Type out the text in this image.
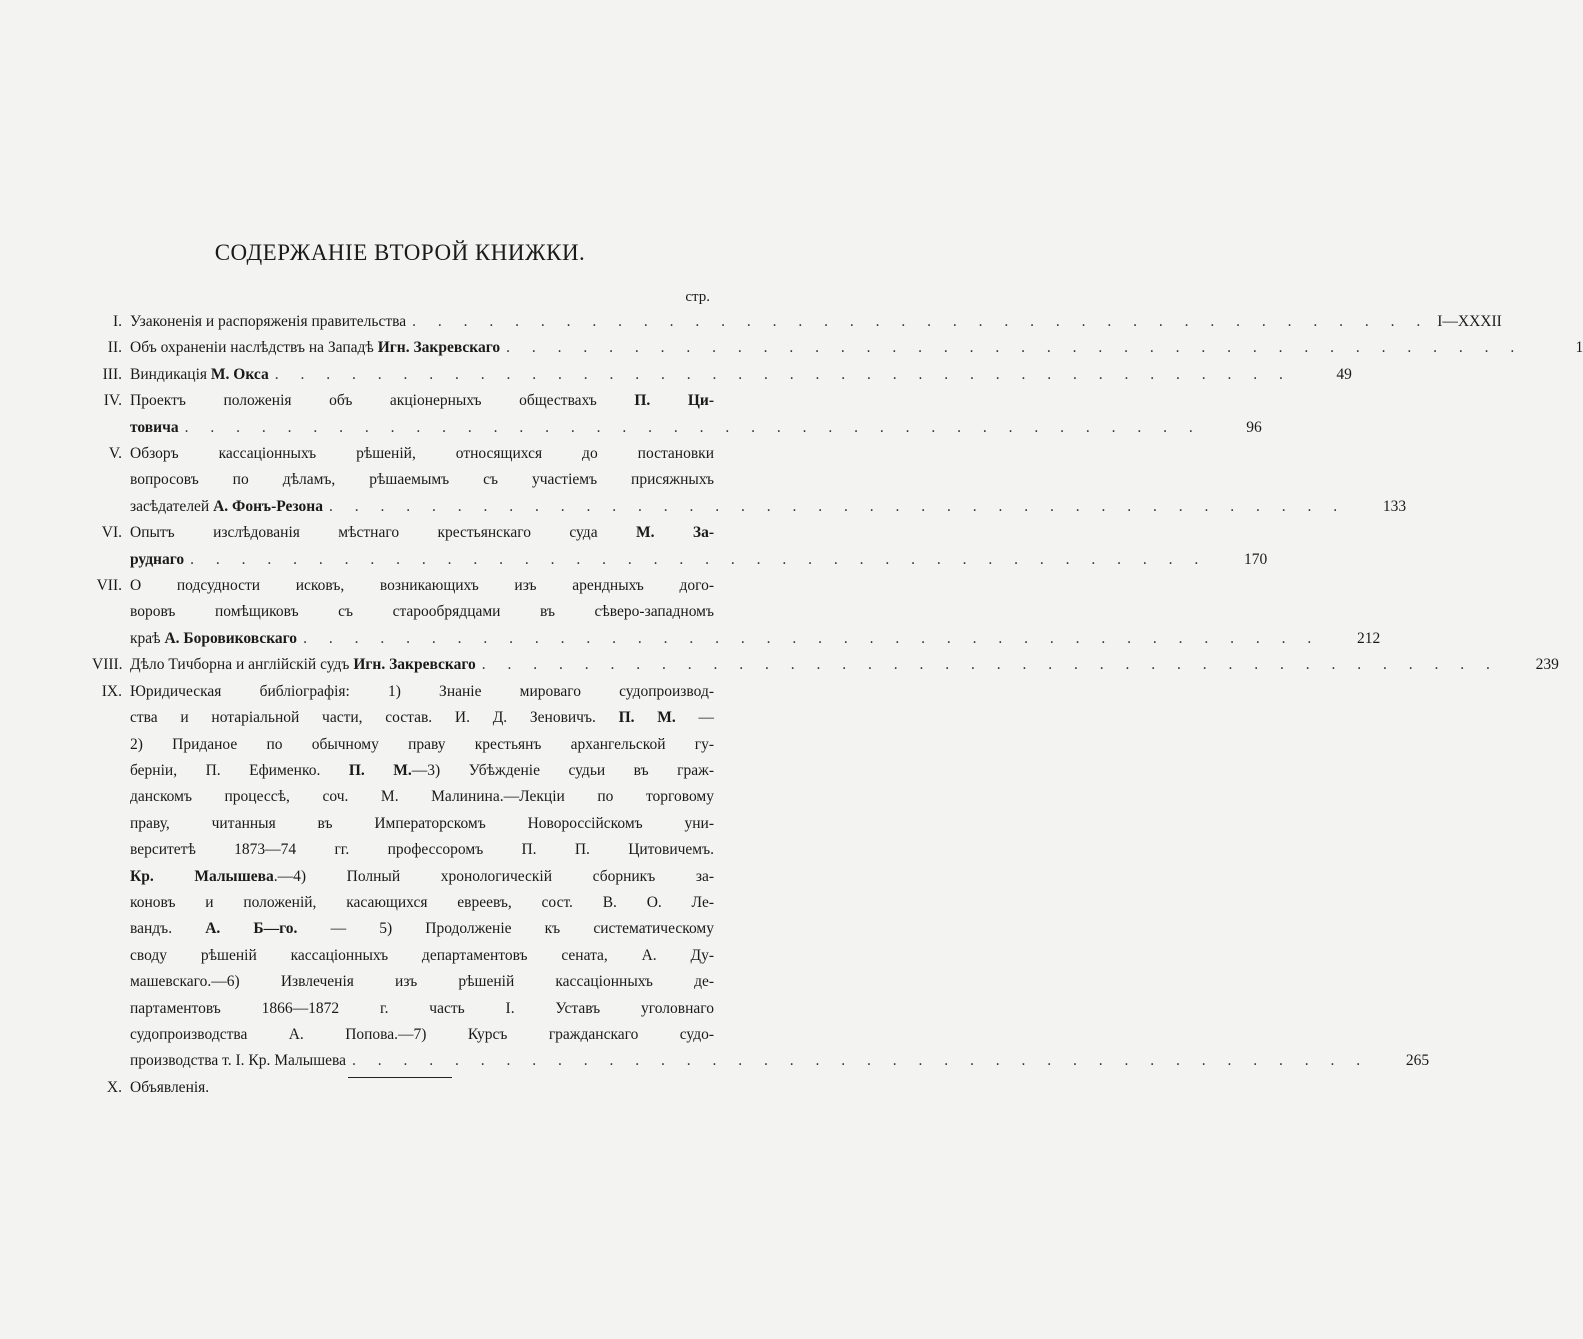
СОДЕРЖАНІЕ ВТОРОЙ КНИЖКИ.
стр.
I. Узаконенія и распоряженія правительства . . . . . . . . . . . . . . . . . . . . . . . . . . . . . . . . . . . . . . . . I—XXXII
II. Объ охраненіи наслѣдствъ на Западѣ Игн. Закревскаго . . . . . . . . . . . . . . . . . . . . . . . . . . . . . . . . . . . . . . . .	1
III. Виндикація М. Окса . . . . . . . . . . . . . . . . . . . . . . . . . . . . . . . . . . . . . . . .	49
IV. Проектъ положенія объ акціонерныхъ обществахъ П. Ци-
товича . . . . . . . . . . . . . . . . . . . . . . . . . . . . . . . . . . . . . . . .	96
V. Обзоръ кассаціонныхъ рѣшеній, относящихся до постановки
вопросовъ по дѣламъ, рѣшаемымъ съ участіемъ присяжныхъ
засѣдателей А. Фонъ-Резона . . . . . . . . . . . . . . . . . . . . . . . . . . . . . . . . . . . . . . . .	133
VI. Опытъ изслѣдованія мѣстнаго крестьянскаго суда М. За-
руднаго . . . . . . . . . . . . . . . . . . . . . . . . . . . . . . . . . . . . . . . .	170
VII. О подсудности исковъ, возникающихъ изъ арендныхъ дого-
воровъ помѣщиковъ съ старообрядцами въ сѣверо-западномъ
краѣ А. Боровиковскаго . . . . . . . . . . . . . . . . . . . . . . . . . . . . . . . . . . . . . . . .	212
VIII. Дѣло Тичборна и англійскій судъ Игн. Закревскаго . . . . . . . . . . . . . . . . . . . . . . . . . . . . . . . . . . . . . . . .	239
IX. Юридическая библіографія: 1) Знаніе мироваго судопроизвод-
ства и нотаріальной части, состав. И. Д. Зеновичъ. П. М. —
2) Приданое по обычному праву крестьянъ архангельской гу-
берніи, П. Ефименко. П. М.—3) Убѣжденіе судьи въ граж-
данскомъ процессѣ, соч. М. Малинина.—Лекціи по торговому
праву, читанныя въ Императорскомъ Новороссійскомъ уни-
верситетѣ 1873—74 гг. профессоромъ П. П. Цитовичемъ.
Кр. Малышева.—4) Полный хронологическій сборникъ за-
коновъ и положеній, касающихся евреевъ, сост. В. О. Ле-
вандъ. А. Б—го. — 5) Продолженіе къ систематическому
своду рѣшеній кассаціонныхъ департаментовъ сената, А. Ду-
машевскаго.—6) Извлеченія изъ рѣшеній кассаціонныхъ де-
партаментовъ 1866—1872 г. часть I. Уставъ уголовнаго
судопроизводства А. Попова.—7) Курсъ гражданскаго судо-
производства т. I. Кр. Малышева . . . . . . . . . . . . . . . . . . . . . . . . . . . . . . . . . . . . . . . .	265
X. Объявленія.
